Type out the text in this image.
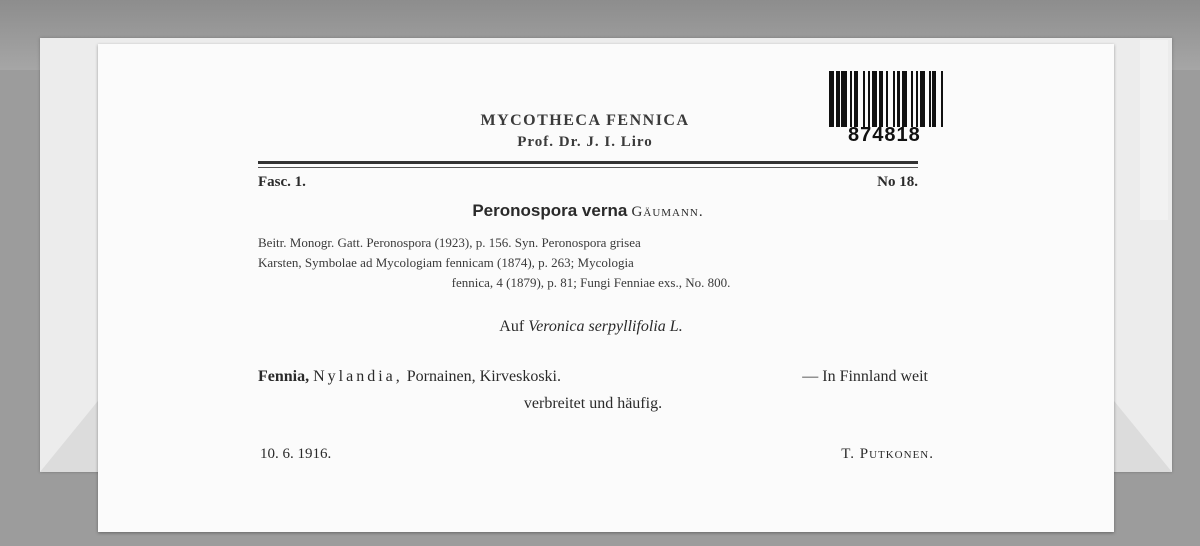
874818
MYCOTHECA FENNICA
Prof. Dr. J. I. Liro
Fasc. 1.	No 18.
Peronospora verna Gäumann.
Beitr. Monogr. Gatt. Peronospora (1923), p. 156. Syn. Peronospora grisea
Karsten, Symbolae ad Mycologiam fennicam (1874), p. 263; Mycologia
fennica, 4 (1879), p. 81; Fungi Fenniae exs., No. 800.
Auf Veronica serpyllifolia L.
Fennia, Nylandia, Pornainen, Kirveskoski.	— In Finnland weit
verbreitet und häufig.
10. 6. 1916.	T. Putkonen.
